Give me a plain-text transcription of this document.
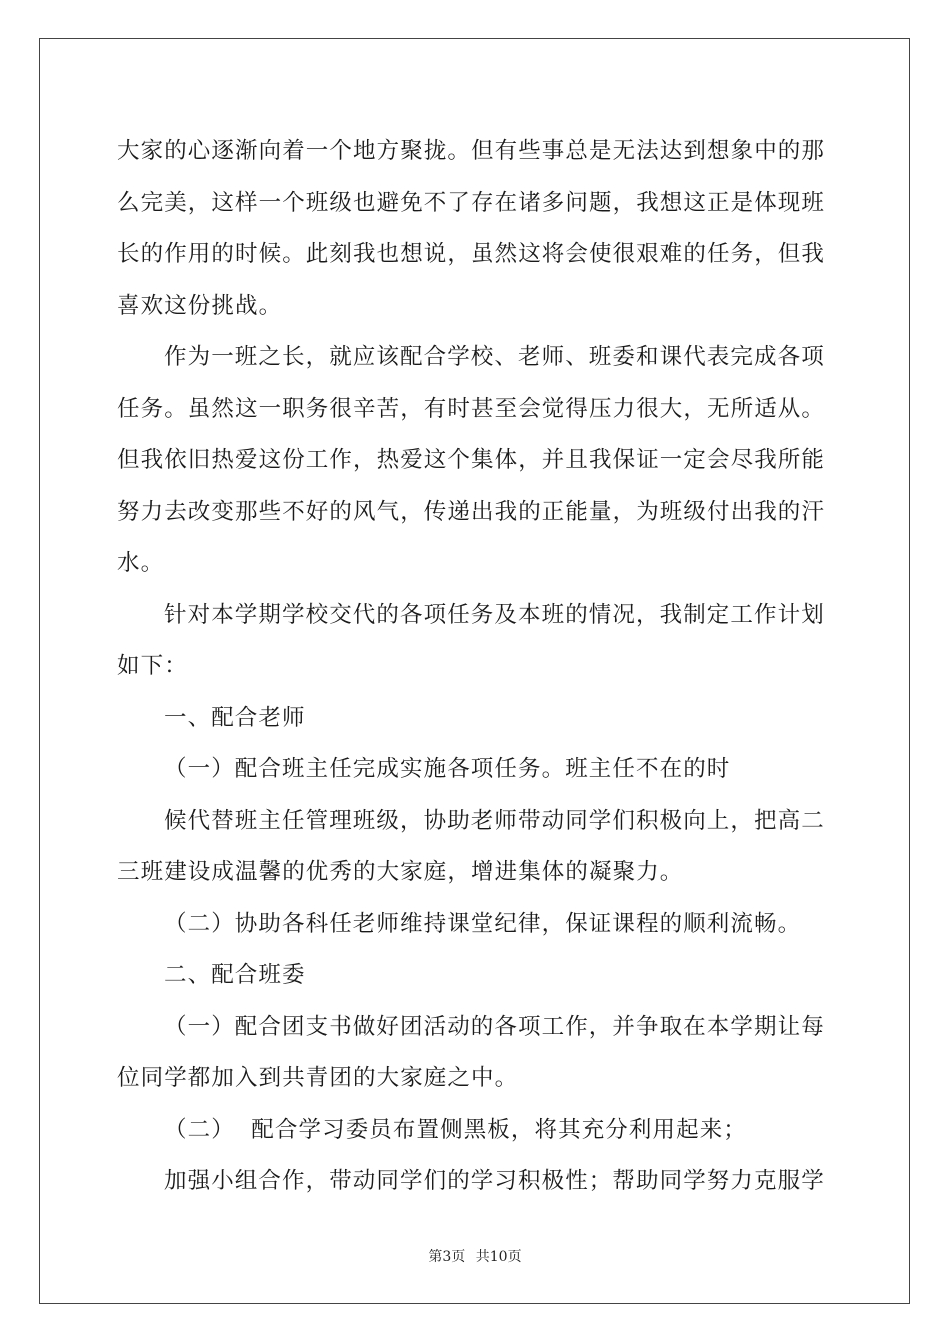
大家的心逐渐向着一个地方聚拢。但有些事总是无法达到想象中的那
么完美，这样一个班级也避免不了存在诸多问题，我想这正是体现班
长的作用的时候。此刻我也想说，虽然这将会使很艰难的任务，但我
喜欢这份挑战。
作为一班之长，就应该配合学校、老师、班委和课代表完成各项
任务。虽然这一职务很辛苦，有时甚至会觉得压力很大，无所适从。
但我依旧热爱这份工作，热爱这个集体，并且我保证一定会尽我所能
努力去改变那些不好的风气，传递出我的正能量，为班级付出我的汗
水。
针对本学期学校交代的各项任务及本班的情况，我制定工作计划
如下：
一、配合老师
（一）配合班主任完成实施各项任务。班主任不在的时
候代替班主任管理班级，协助老师带动同学们积极向上，把高二
三班建设成温馨的优秀的大家庭，增进集体的凝聚力。
（二）协助各科任老师维持课堂纪律，保证课程的顺利流畅。
二、配合班委
（一）配合团支书做好团活动的各项工作，并争取在本学期让每
位同学都加入到共青团的大家庭之中。
（二）  配合学习委员布置侧黑板，将其充分利用起来；
加强小组合作，带动同学们的学习积极性；帮助同学努力克服学
第3页 共10页
